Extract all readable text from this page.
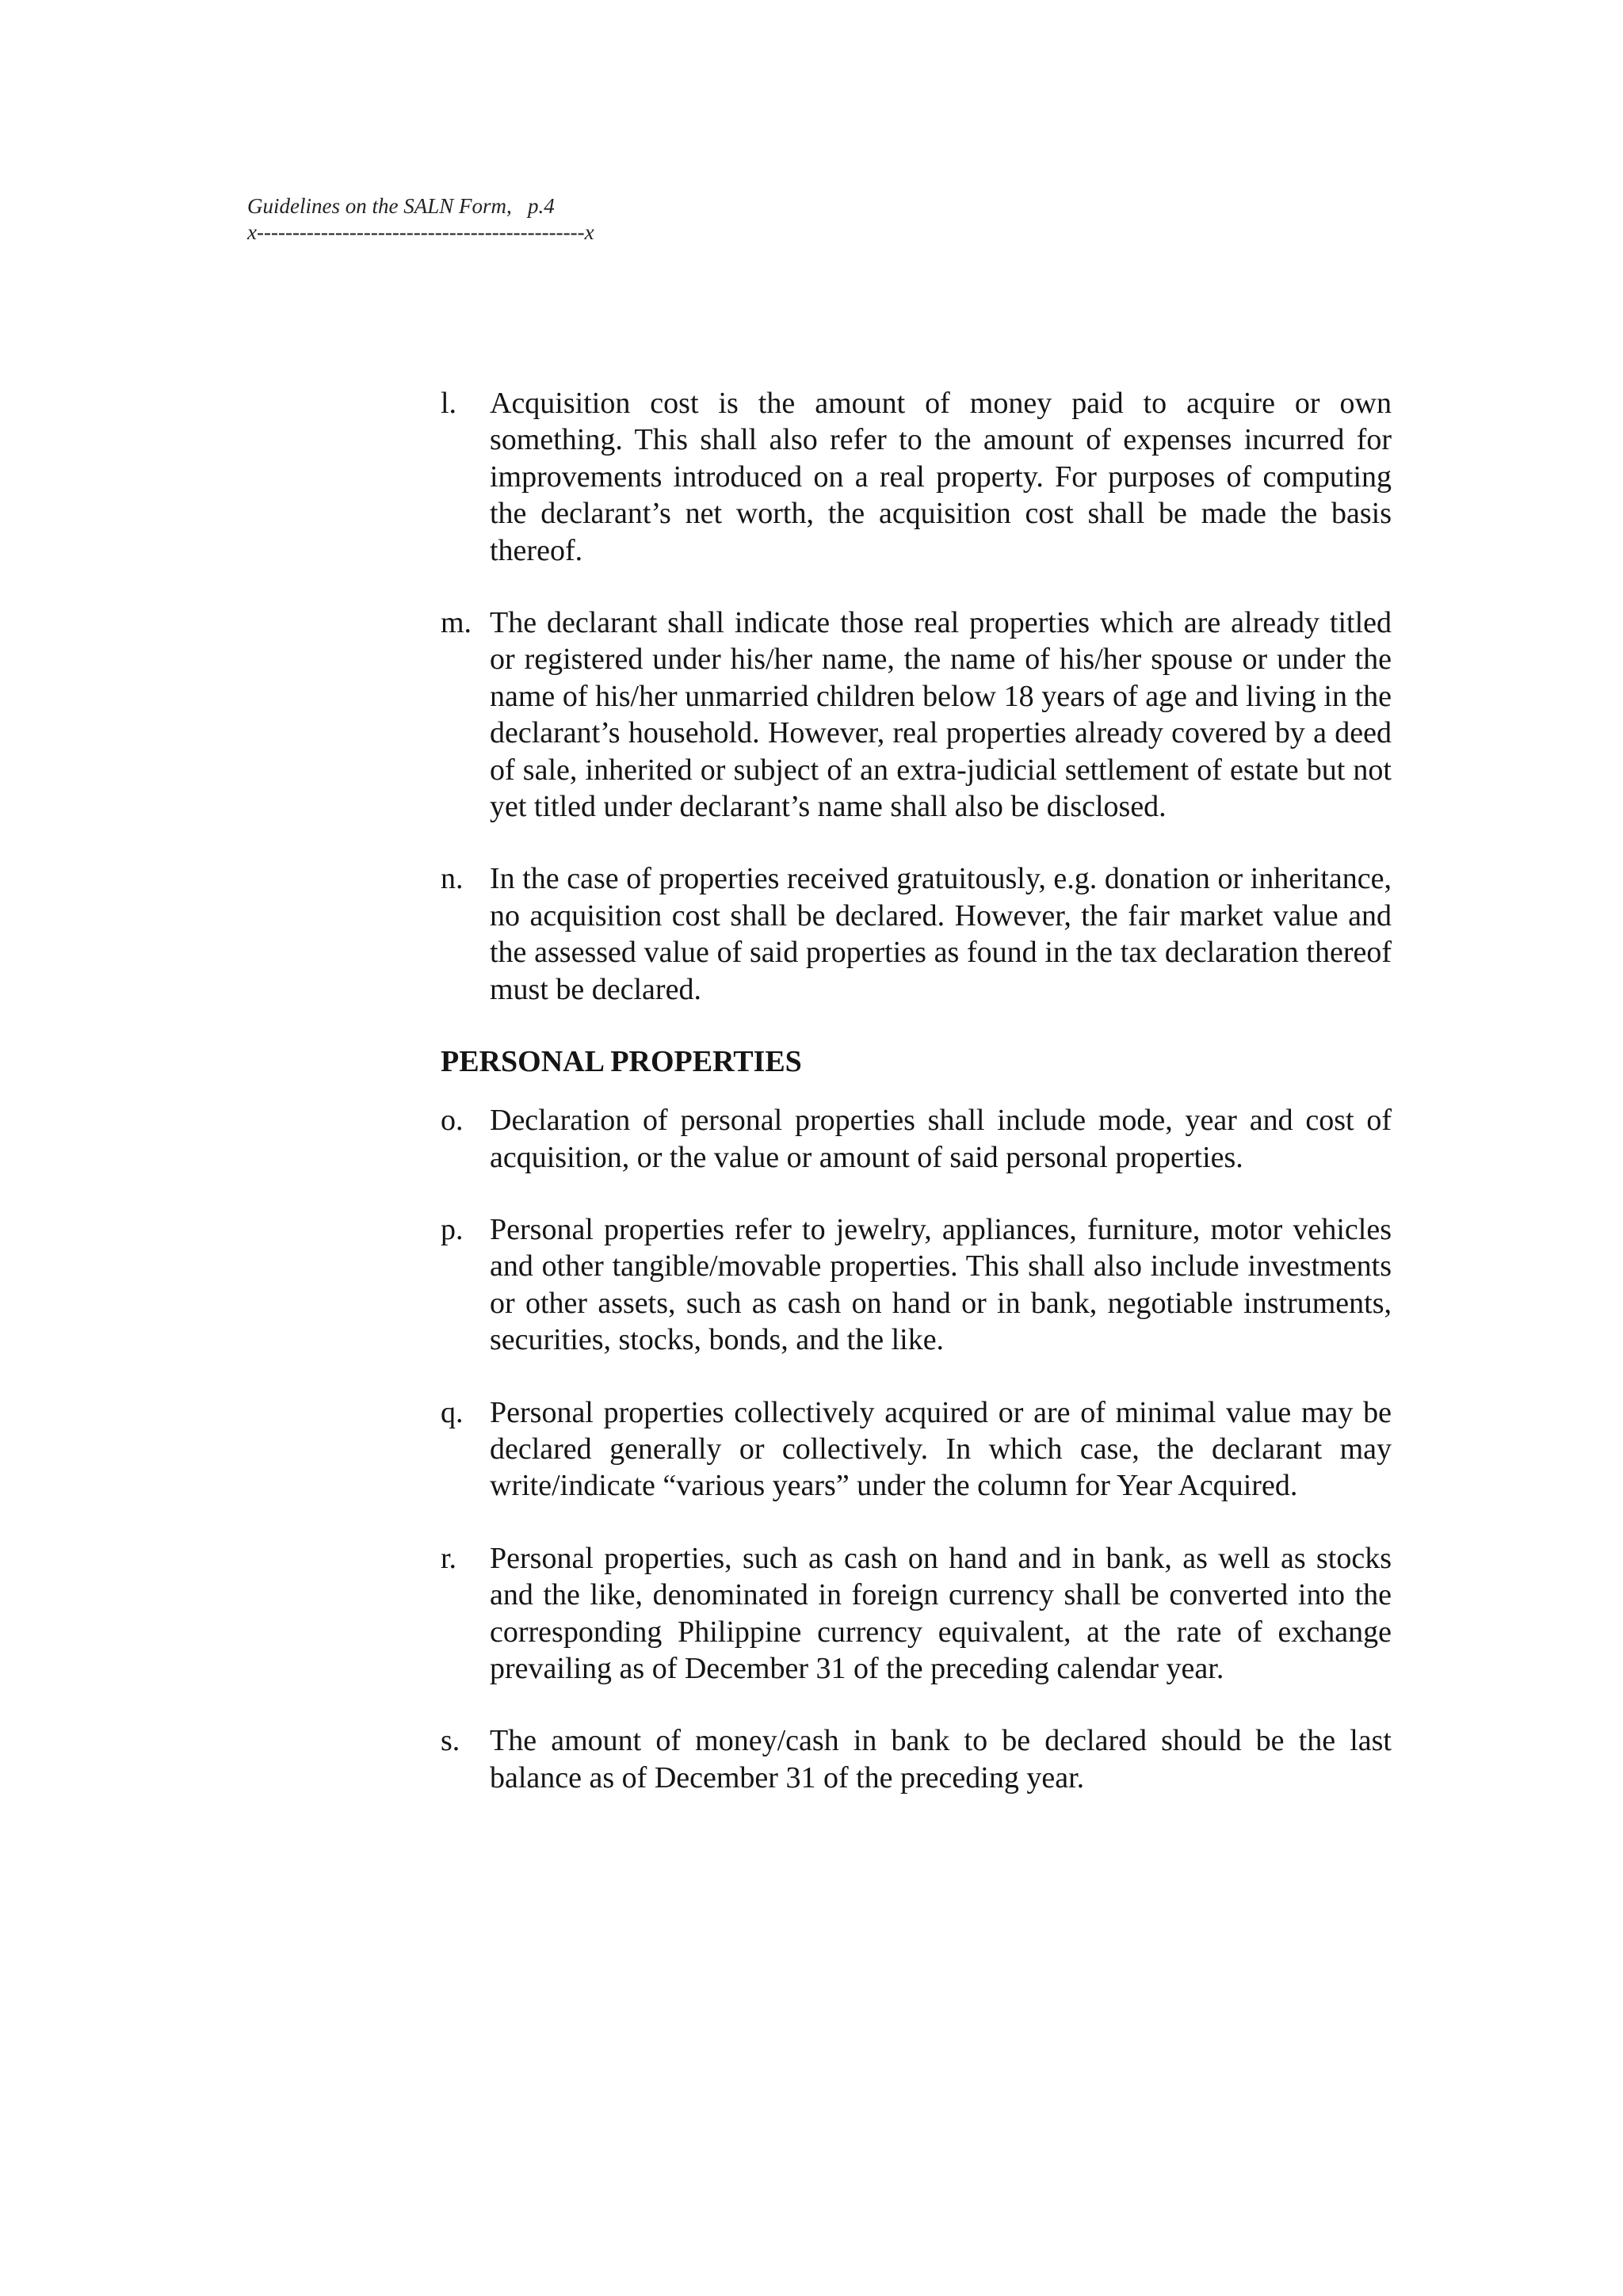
Guidelines on the SALN Form,   p.4
x----------------------------------------------x
l.	Acquisition cost is the amount of money paid to acquire or own something. This shall also refer to the amount of expenses incurred for improvements introduced on a real property. For purposes of computing the declarant’s net worth, the acquisition cost shall be made the basis thereof.
m. The declarant shall indicate those real properties which are already titled or registered under his/her name, the name of his/her spouse or under the name of his/her unmarried children below 18 years of age and living in the declarant’s household. However, real properties already covered by a deed of sale, inherited or subject of an extra-judicial settlement of estate but not yet titled under declarant’s name shall also be disclosed.
n. In the case of properties received gratuitously, e.g. donation or inheritance, no acquisition cost shall be declared. However, the fair market value and the assessed value of said properties as found in the tax declaration thereof must be declared.
PERSONAL PROPERTIES
o. Declaration of personal properties shall include mode, year and cost of acquisition, or the value or amount of said personal properties.
p. Personal properties refer to jewelry, appliances, furniture, motor vehicles and other tangible/movable properties. This shall also include investments or other assets, such as cash on hand or in bank, negotiable instruments, securities, stocks, bonds, and the like.
q. Personal properties collectively acquired or are of minimal value may be declared generally or collectively. In which case, the declarant may write/indicate “various years” under the column for Year Acquired.
r.	Personal properties, such as cash on hand and in bank, as well as stocks and the like, denominated in foreign currency shall be converted into the corresponding Philippine currency equivalent, at the rate of exchange prevailing as of December 31 of the preceding calendar year.
s. The amount of money/cash in bank to be declared should be the last balance as of December 31 of the preceding year.
